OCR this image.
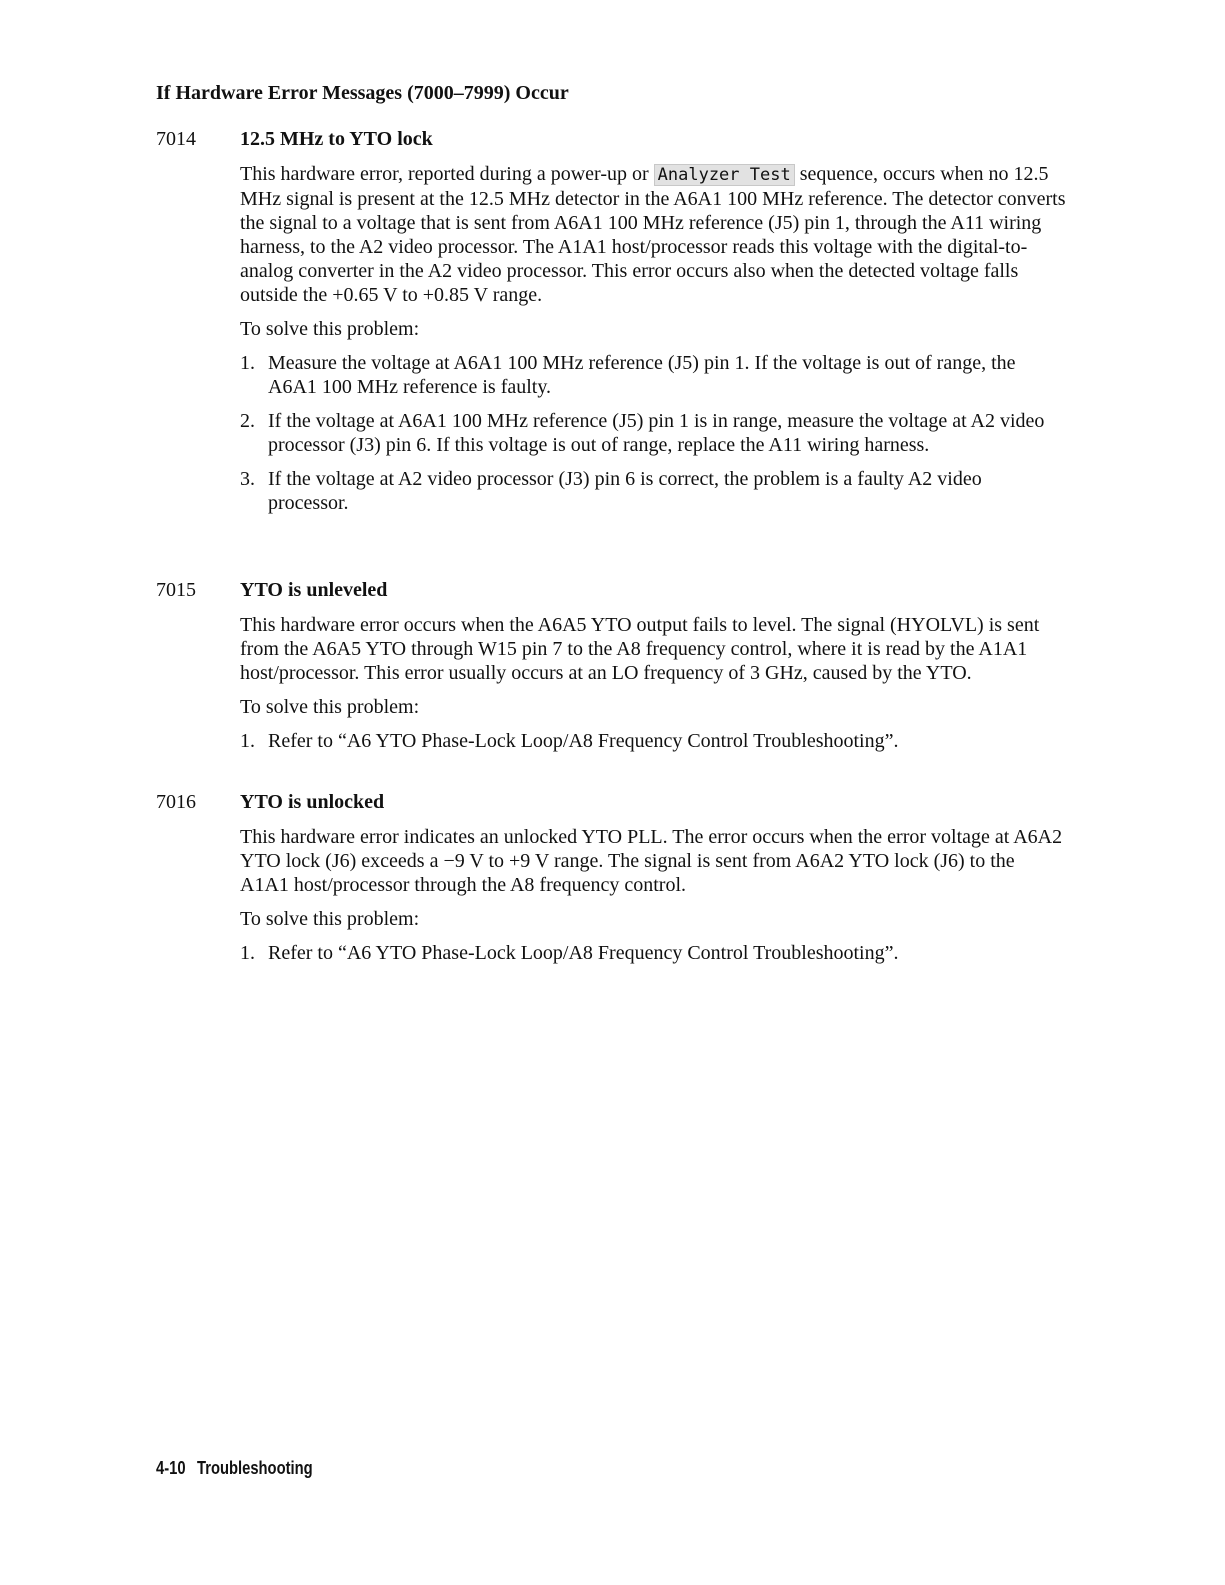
If Hardware Error Messages (7000–7999) Occur
7014 12.5 MHz to YTO lock

This hardware error, reported during a power-up or Analyzer Test sequence, occurs when no 12.5 MHz signal is present at the 12.5 MHz detector in the A6A1 100 MHz reference. The detector converts the signal to a voltage that is sent from A6A1 100 MHz reference (J5) pin 1, through the A11 wiring harness, to the A2 video processor. The A1A1 host/processor reads this voltage with the digital-to-analog converter in the A2 video processor. This error occurs also when the detected voltage falls outside the +0.65 V to +0.85 V range.

To solve this problem:

1. Measure the voltage at A6A1 100 MHz reference (J5) pin 1. If the voltage is out of range, the A6A1 100 MHz reference is faulty.
2. If the voltage at A6A1 100 MHz reference (J5) pin 1 is in range, measure the voltage at A2 video processor (J3) pin 6. If this voltage is out of range, replace the A11 wiring harness.
3. If the voltage at A2 video processor (J3) pin 6 is correct, the problem is a faulty A2 video processor.
7015 YTO is unleveled

This hardware error occurs when the A6A5 YTO output fails to level. The signal (HYOLVL) is sent from the A6A5 YTO through W15 pin 7 to the A8 frequency control, where it is read by the A1A1 host/processor. This error usually occurs at an LO frequency of 3 GHz, caused by the YTO.

To solve this problem:

1. Refer to “A6 YTO Phase-Lock Loop/A8 Frequency Control Troubleshooting”.
7016 YTO is unlocked

This hardware error indicates an unlocked YTO PLL. The error occurs when the error voltage at A6A2 YTO lock (J6) exceeds a −9 V to +9 V range. The signal is sent from A6A2 YTO lock (J6) to the A1A1 host/processor through the A8 frequency control.

To solve this problem:

1. Refer to “A6 YTO Phase-Lock Loop/A8 Frequency Control Troubleshooting”.
4-10 Troubleshooting
